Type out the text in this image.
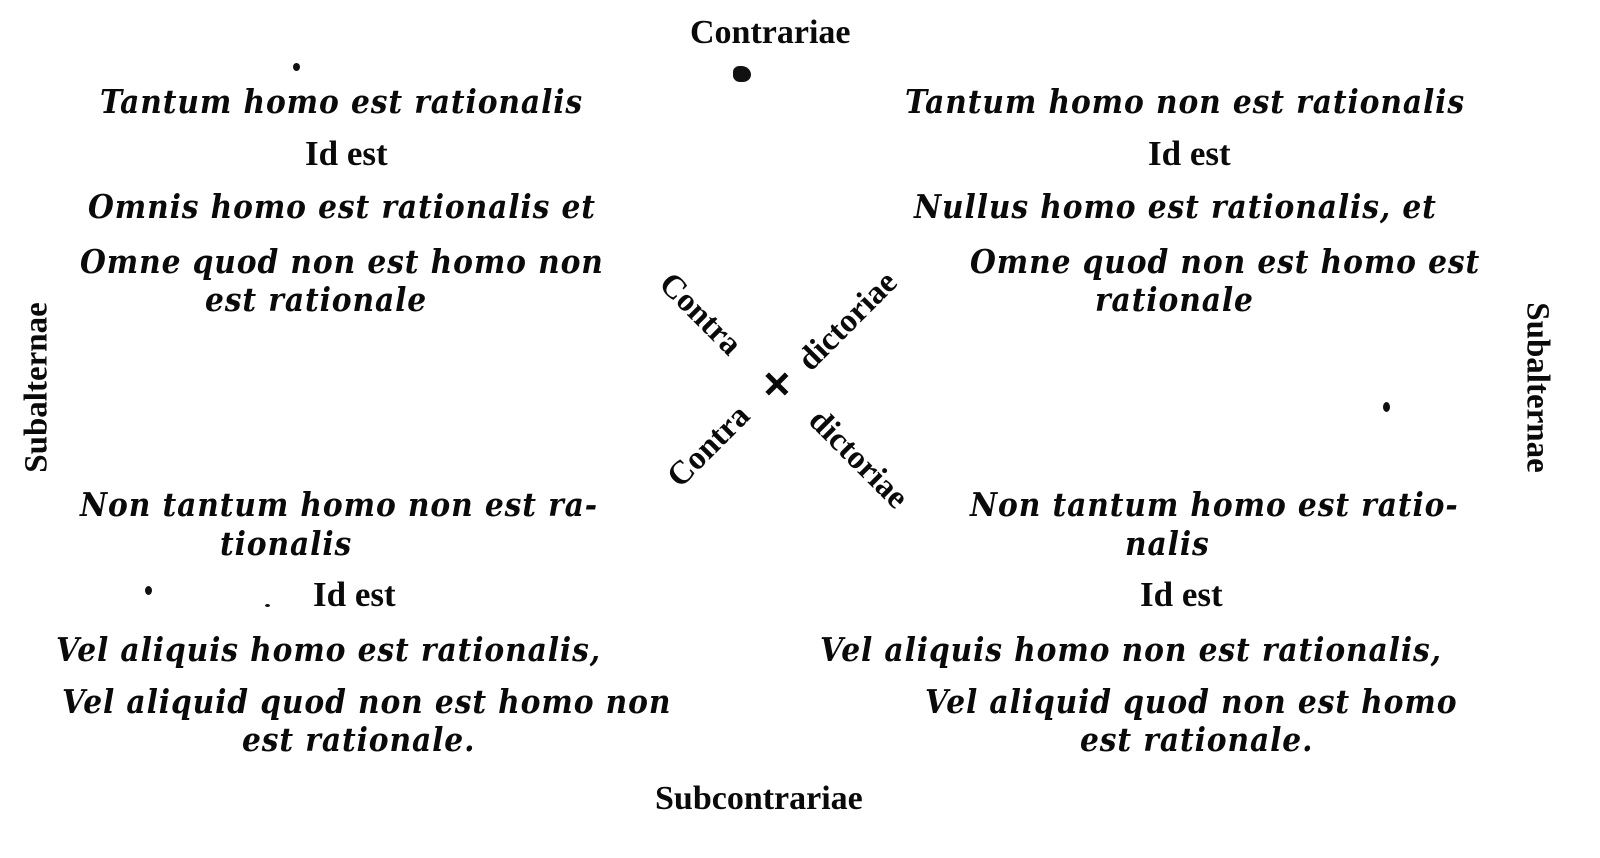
Contrariae
Subcontrariae
Subalternae	Subalternae
Contra
dictoriae
Contra
dictoriae
+
Tantum homo est rationalis
Id est
Omnis homo est rationalis et
Omne quod non est homo non
est rationale
Tantum homo non est rationalis
Id est
Nullus homo est rationalis, et
Omne quod non est homo est
rationale
Non tantum homo non est ra-
tionalis
Id est
Vel aliquis homo est rationalis,
Vel aliquid quod non est homo non
est rationale.
Non tantum homo est ratio-
nalis
Id est
Vel aliquis homo non est rationalis,
Vel aliquid quod non est homo
est rationale.
